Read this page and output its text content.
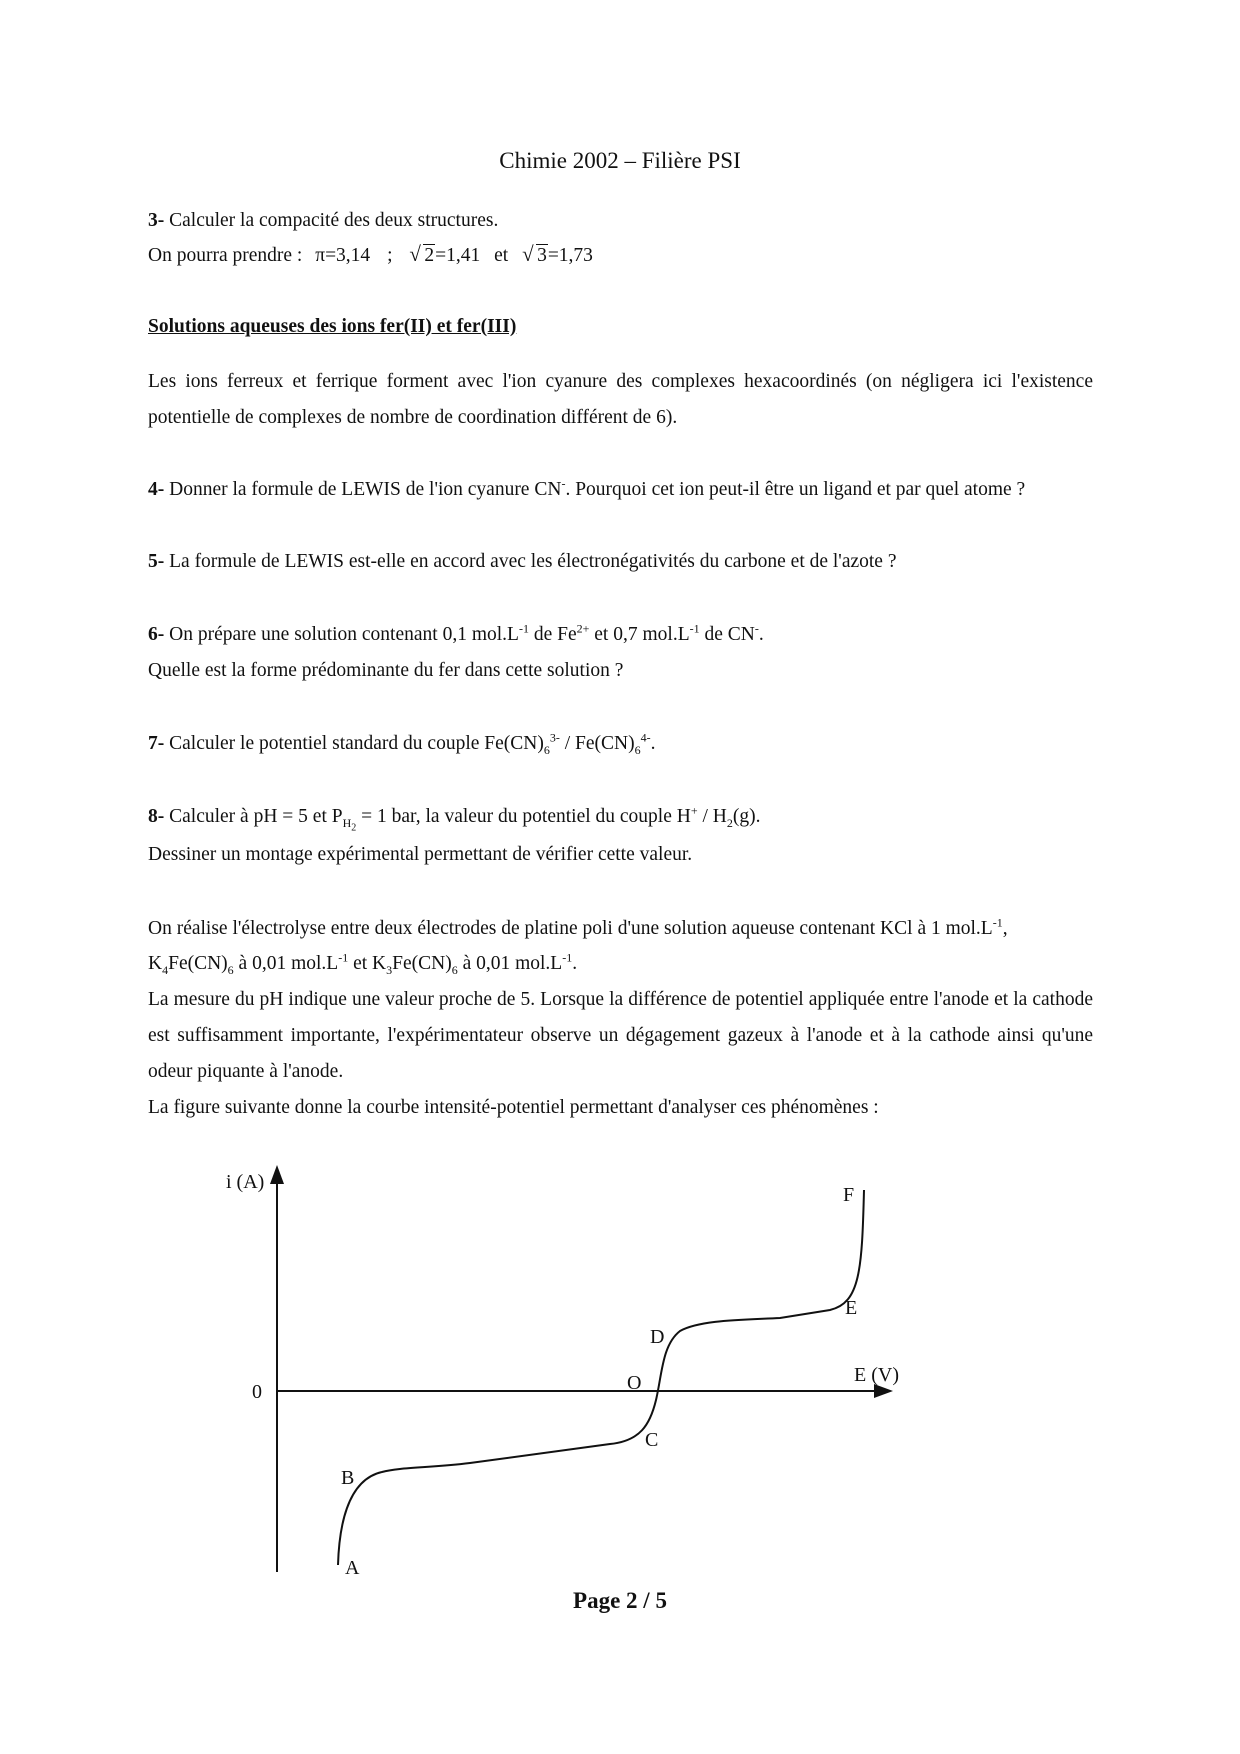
Chimie 2002 – Filière PSI
3- Calculer la compacité des deux structures.
On pourra prendre : π=3,14 ; √ 2=1,41 et √ 3=1,73
Solutions aqueuses des ions fer(II) et fer(III)
Les ions ferreux et ferrique forment avec l'ion cyanure des complexes hexacoordinés (on négligera ici l'existence potentielle de complexes de nombre de coordination différent de 6).
4- Donner la formule de LEWIS de l'ion cyanure CN-. Pourquoi cet ion peut-il être un ligand et par quel atome ?
5- La formule de LEWIS est-elle en accord avec les électronégativités du carbone et de l'azote ?
6- On prépare une solution contenant 0,1 $mol.L^{-1}$ de $Fe^{2+}$ et 0,7 $mol.L^{-1}$ de CN-.
Quelle est la forme prédominante du fer dans cette solution ?
7- Calculer le potentiel standard du couple $Fe(CN)_6^{3-} / Fe(CN)_6^{4-}$.
8- Calculer à pH = 5 et $P_{H_2} = 1$ bar, la valeur du potentiel du couple $H^+ / H_2(g)$.
Dessiner un montage expérimental permettant de vérifier cette valeur.
On réalise l'électrolyse entre deux électrodes de platine poli d'une solution aqueuse contenant KCl à 1 $mol.L^{-1}$,
$K_4Fe(CN)_6$ à 0,01 $mol.L^{-1}$ et $K_3Fe(CN)_6$ à 0,01 $mol.L^{-1}$.
La mesure du pH indique une valeur proche de 5. Lorsque la différence de potentiel appliquée entre l'anode et la cathode est suffisamment importante, l'expérimentateur observe un dégagement gazeux à l'anode et à la cathode ainsi qu'une odeur piquante à l'anode.
La figure suivante donne la courbe intensité-potentiel permettant d'analyser ces phénomènes :
i (A)
E (V)
0
A
B
C
O
D
E
F
Page 2 / 5
